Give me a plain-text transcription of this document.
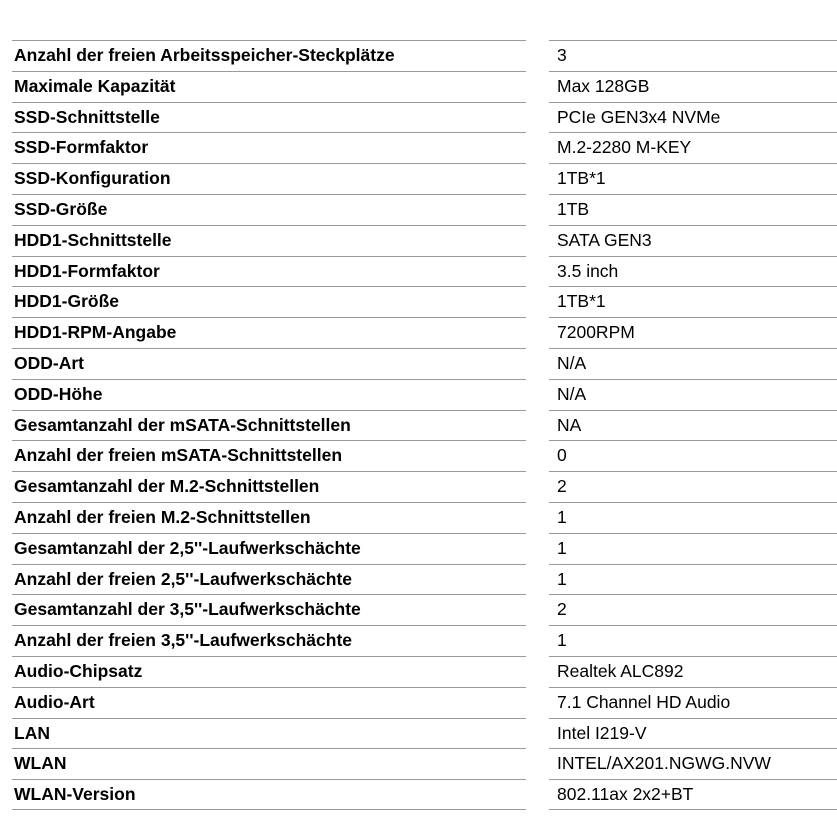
Anzahl der freien Arbeitsspeicher-Steckplätze	3
Maximale Kapazität	Max 128GB
SSD-Schnittstelle	PCIe GEN3x4 NVMe
SSD-Formfaktor	M.2-2280 M-KEY
SSD-Konfiguration	1TB*1
SSD-Größe	1TB
HDD1-Schnittstelle	SATA GEN3
HDD1-Formfaktor	3.5 inch
HDD1-Größe	1TB*1
HDD1-RPM-Angabe	7200RPM
ODD-Art	N/A
ODD-Höhe	N/A
Gesamtanzahl der mSATA-Schnittstellen	NA
Anzahl der freien mSATA-Schnittstellen	0
Gesamtanzahl der M.2-Schnittstellen	2
Anzahl der freien M.2-Schnittstellen	1
Gesamtanzahl der 2,5''-Laufwerkschächte	1
Anzahl der freien 2,5''-Laufwerkschächte	1
Gesamtanzahl der 3,5''-Laufwerkschächte	2
Anzahl der freien 3,5''-Laufwerkschächte	1
Audio-Chipsatz	Realtek ALC892
Audio-Art	7.1 Channel HD Audio
LAN	Intel I219-V
WLAN	INTEL/AX201.NGWG.NVW
WLAN-Version	802.11ax 2x2+BT
